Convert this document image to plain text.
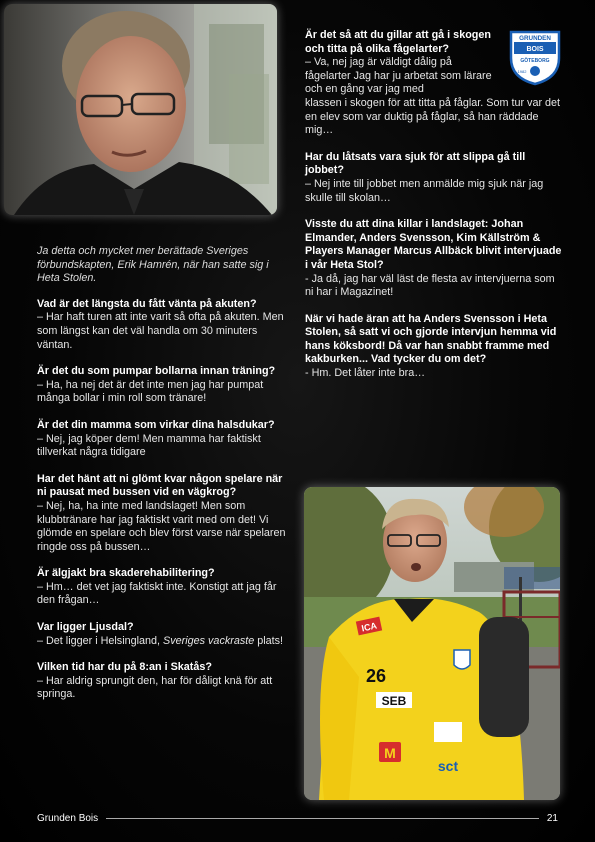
GRUNDEN
BOIS
GÖTEBORG
1982

Ja detta och mycket mer berättade Sveriges förbundskapten, Erik Hamrén, när han satte sig i Heta Stolen.

Vad är det längsta du fått vänta på akuten?
– Har haft turen att inte varit så ofta på akuten. Men som längst kan det väl handla om 30 minuters väntan.
Är det du som pumpar bollarna innan träning?
– Ha, ha nej det är det inte men jag har pumpat många bollar i min roll som tränare!
Är det din mamma som virkar dina halsdukar?
– Nej, jag köper dem! Men mamma har faktiskt tillverkat några tidigare
Har det hänt att ni glömt kvar någon spelare när ni pausat med bussen vid en vägkrog?
– Nej, ha, ha inte med landslaget! Men som klubbtränare har jag faktiskt varit med om det! Vi glömde en spelare och blev först varse när spelaren ringde oss på bussen…
Är älgjakt bra skaderehabilitering?
– Hm… det vet jag faktiskt inte. Konstigt att jag får den frågan…
Var ligger Ljusdal?
– Det ligger i Helsingland, Sveriges vackraste plats!
Vilken tid har du på 8:an i Skatås?
– Har aldrig sprungit den, har för dåligt knä för att springa.
Är det så att du gillar att gå i skogen och titta på olika fågelarter?
– Va, nej jag är väldigt dålig på fågelarter Jag har ju arbetat som lärare och en gång var jag med
klassen i skogen för att titta på fåglar. Som tur var det en elev som var duktig på fåglar, så han räddade mig…
Har du låtsats vara sjuk för att slippa gå till jobbet?
– Nej inte till jobbet men anmälde mig sjuk när jag skulle till skolan…
Visste du att dina killar i landslaget: Johan Elmander, Anders Svensson, Kim Källström & Players Manager Marcus Allbäck blivit intervjuade i vår Heta Stol?
- Ja då, jag har väl läst de flesta av intervjuerna som ni har i Magazinet!
När vi hade äran att ha Anders Svensson i Heta Stolen, så satt vi och gjorde intervjun hemma vid hans köksbord! Då var han snabbt framme med kakburken... Vad tycker du om det?
- Hm. Det låter inte bra…
ICA
26
SEB
M
sct
Grunden Bois	21
